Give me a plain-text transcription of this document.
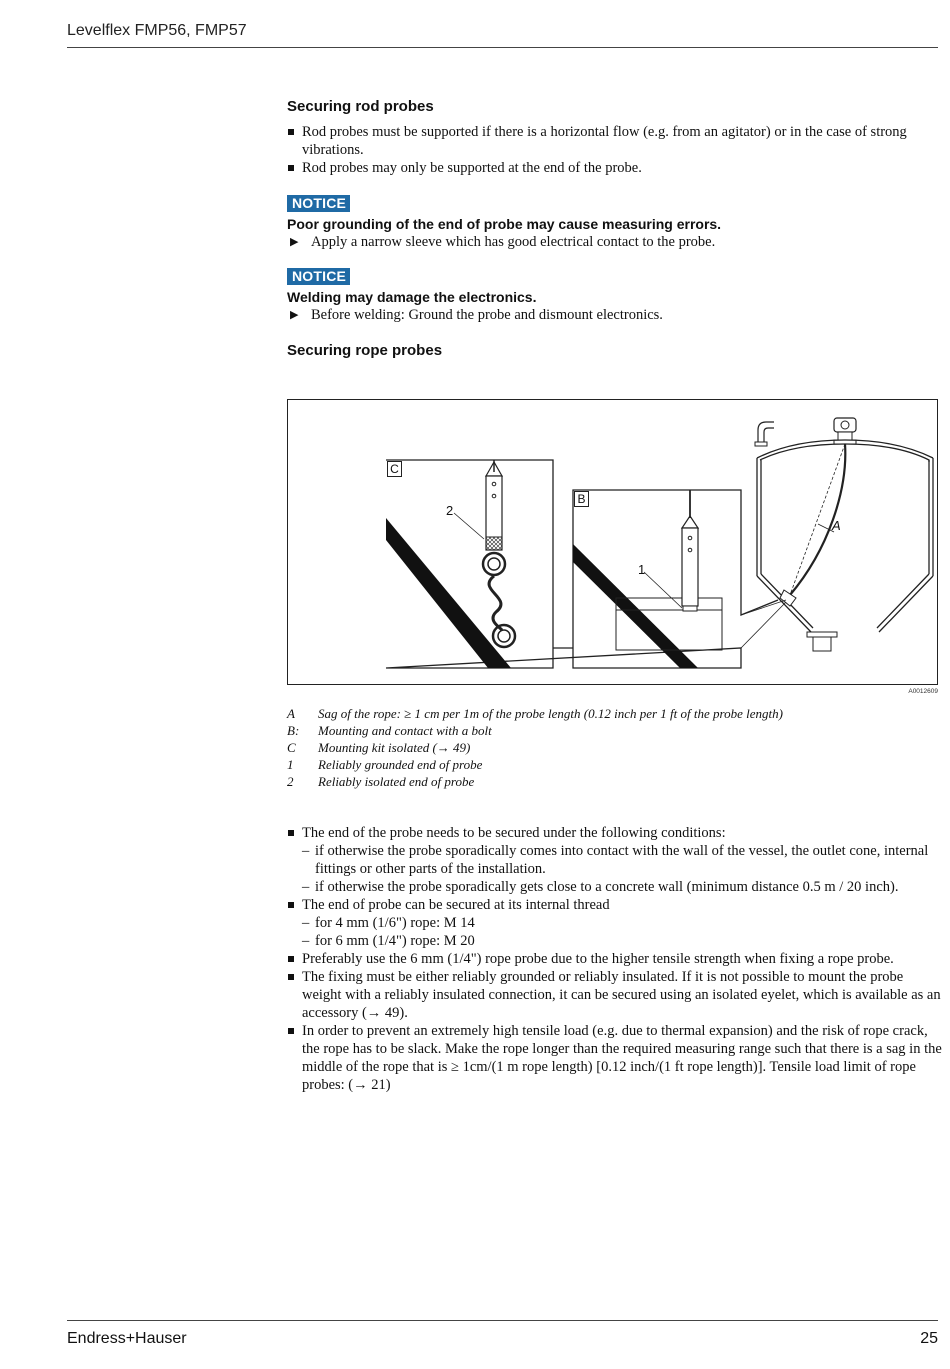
Levelflex FMP56, FMP57
Securing rod probes
Rod probes must be supported if there is a horizontal flow (e.g. from an agitator) or in the case of strong vibrations.
Rod probes may only be supported at the end of the probe.
NOTICE
Poor grounding of the end of probe may cause measuring errors.
▶ Apply a narrow sleeve which has good electrical contact to the probe.
NOTICE
Welding may damage the electronics.
▶ Before welding: Ground the probe and dismount electronics.
Securing rope probes
C
B
A
2
1
A0012609
A	Sag of the rope: ≥ 1 cm per 1m of the probe length (0.12 inch per 1 ft of the probe length)
B:	Mounting and contact with a bolt
C	Mounting kit isolated (→ 49)
1	Reliably grounded end of probe
2	Reliably isolated end of probe
The end of the probe needs to be secured under the following conditions:
– if otherwise the probe sporadically comes into contact with the wall of the vessel, the outlet cone, internal fittings or other parts of the installation.
– if otherwise the probe sporadically gets close to a concrete wall (minimum distance 0.5 m / 20 inch).
The end of probe can be secured at its internal thread
– for 4 mm (1/6") rope: M 14
– for 6 mm (1/4") rope: M 20
Preferably use the 6 mm (1/4") rope probe due to the higher tensile strength when fixing a rope probe.
The fixing must be either reliably grounded or reliably insulated. If it is not possible to mount the probe weight with a reliably insulated connection, it can be secured using an isolated eyelet, which is available as an accessory (→ 49).
In order to prevent an extremely high tensile load (e.g. due to thermal expansion) and the risk of rope crack, the rope has to be slack. Make the rope longer than the required measuring range such that there is a sag in the middle of the rope that is ≥ 1cm/(1 m rope length) [0.12 inch/(1 ft rope length)]. Tensile load limit of rope probes: (→ 21)
Endress+Hauser	25
